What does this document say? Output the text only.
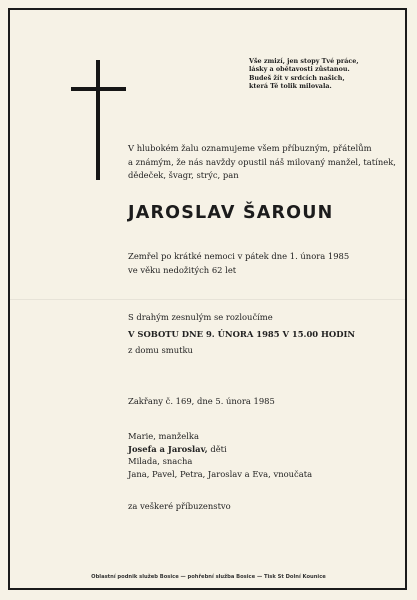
Vše zmizí, jen stopy Tvé práce,
lásky a obětavosti zůstanou.
Budeš žít v srdcích našich,
která Tě tolik milovala.
V hlubokém žalu oznamujeme všem příbuzným, přátelům
a známým, že nás navždy opustil náš milovaný manžel, tatínek,
dědeček, švagr, strýc, pan
JAROSLAV ŠAROUN
Zemřel po krátké nemoci v pátek dne 1. února 1985
ve věku nedožitých 62 let
S drahým zesnulým se rozloučíme
V SOBOTU DNE 9. ÚNORA 1985 V 15.00 HODIN
z domu smutku
Zakřany č. 169, dne 5. února 1985
Marie, manželka
Josefa a Jaroslav, děti
Milada, snacha
Jana, Pavel, Petra, Jaroslav a Eva, vnoučata
za veškeré příbuzenstvo
Oblastní podnik služeb Bosice — pohřební služba Bosice — Tisk St Dolní Kounice
